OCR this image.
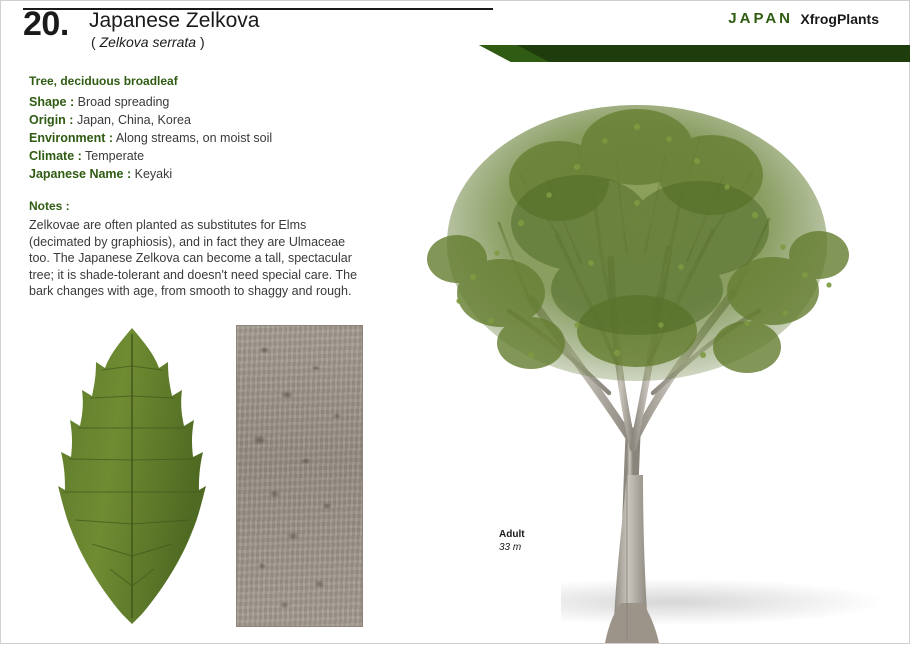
20. Japanese Zelkova
( Zelkova serrata )
JAPAN XfrogPlants
Tree, deciduous broadleaf
Shape : Broad spreading
Origin : Japan, China, Korea
Environment : Along streams, on moist soil
Climate : Temperate
Japanese Name : Keyaki
Notes :
Zelkovae are often planted as substitutes for Elms (decimated by graphiosis), and in fact they are Ulmaceae too. The Japanese Zelkova can become a tall, spectacular tree; it is shade-tolerant and doesn't need special care. The bark changes with age, from smooth to shaggy and rough.
Adult
33 m
